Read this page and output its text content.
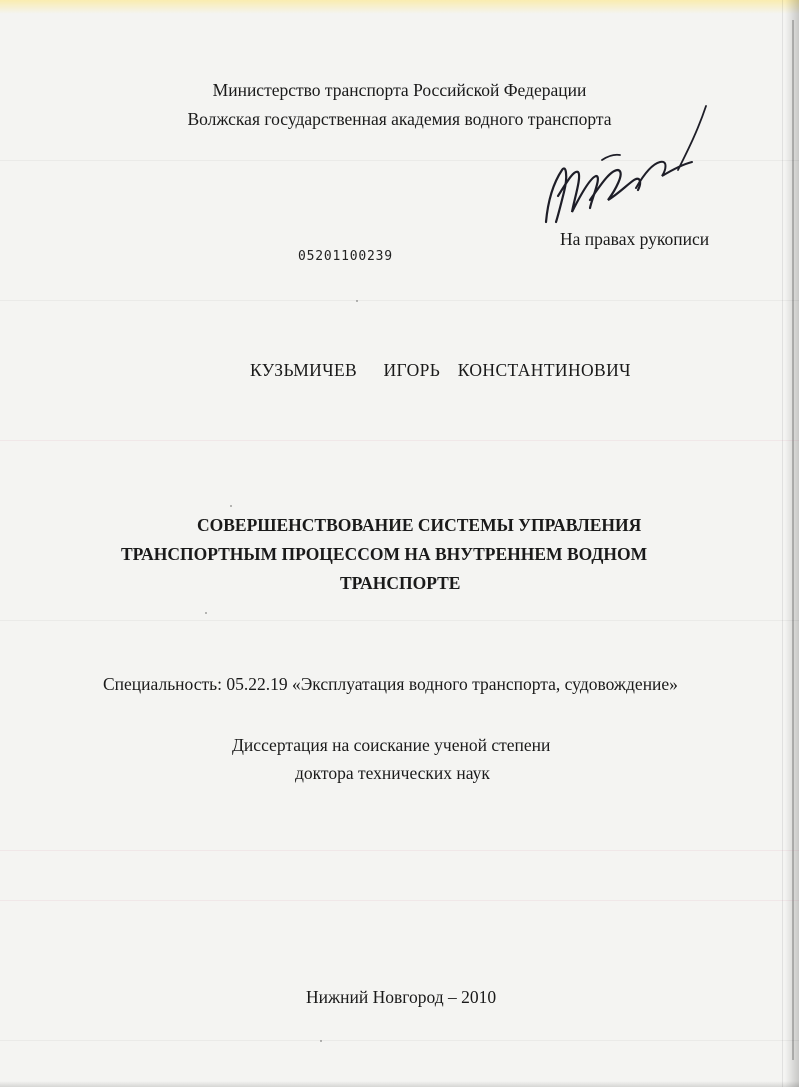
Министерство транспорта Российской Федерации
Волжская государственная академия водного транспорта
На правах рукописи
05201100239
КУЗЬМИЧЕВ   ИГОРЬ  КОНСТАНТИНОВИЧ
СОВЕРШЕНСТВОВАНИЕ СИСТЕМЫ УПРАВЛЕНИЯ
ТРАНСПОРТНЫМ ПРОЦЕССОМ НА ВНУТРЕННЕМ ВОДНОМ
ТРАНСПОРТЕ
Специальность: 05.22.19 «Эксплуатация водного транспорта, судовождение»
Диссертация на соискание ученой степени
доктора технических наук
Нижний Новгород – 2010
